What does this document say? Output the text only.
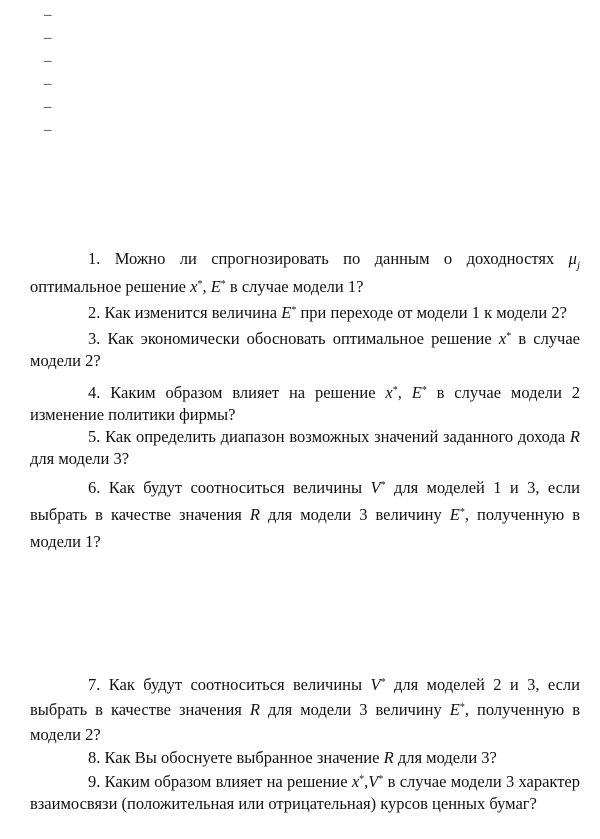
–
–
–
–
–
–

1. Можно ли спрогнозировать по данным о доходностях $\mu_j$ оптимальное решение x*, E* в случае модели 1?

2. Как изменится величина E* при переходе от модели 1 к модели 2?

3. Как экономически обосновать оптимальное решение x* в случае модели 2?

4. Каким образом влияет на решение x*, E* в случае модели 2 изменение политики фирмы?

5. Как определить диапазон возможных значений заданного дохода R для модели 3?

6. Как будут соотноситься величины V* для моделей 1 и 3, если выбрать в качестве значения R для модели 3 величину E*, полученную в модели 1?

7. Как будут соотноситься величины V* для моделей 2 и 3, если выбрать в качестве значения R для модели 3 величину E*, полученную в модели 2?

8. Как Вы обоснуете выбранное значение R для модели 3?

9. Каким образом влияет на решение x*,V* в случае модели 3 характер взаимосвязи (положительная или отрицательная) курсов ценных бумаг?
